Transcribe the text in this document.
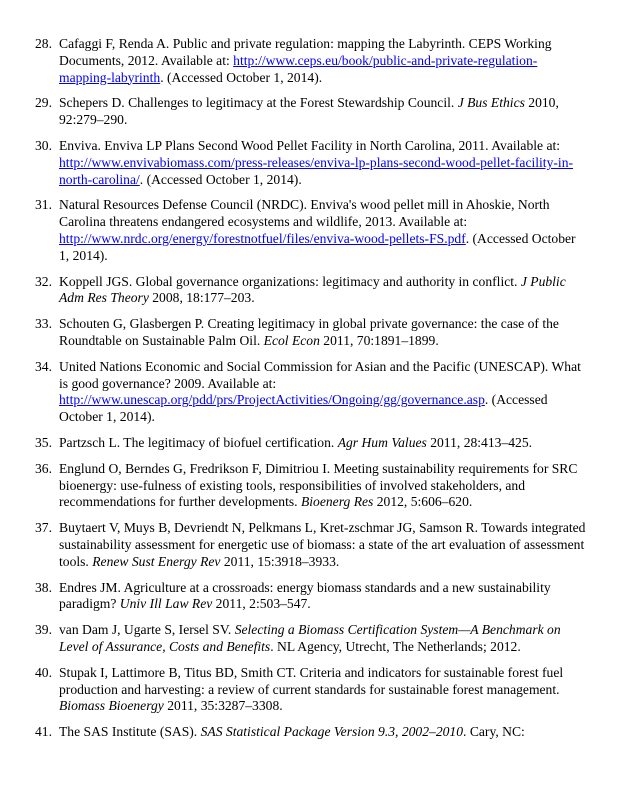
28. Cafaggi F, Renda A. Public and private regulation: mapping the Labyrinth. CEPS Working Documents, 2012. Available at: http://www.ceps.eu/book/public-and-private-regulation-mapping-labyrinth. (Accessed October 1, 2014).
29. Schepers D. Challenges to legitimacy at the Forest Stewardship Council. J Bus Ethics 2010, 92:279–290.
30. Enviva. Enviva LP Plans Second Wood Pellet Facility in North Carolina, 2011. Available at: http://www.envivabiomass.com/press-releases/enviva-lp-plans-second-wood-pellet-facility-in-north-carolina/. (Accessed October 1, 2014).
31. Natural Resources Defense Council (NRDC). Enviva's wood pellet mill in Ahoskie, North Carolina threatens endangered ecosystems and wildlife, 2013. Available at: http://www.nrdc.org/energy/forestnotfuel/files/enviva-wood-pellets-FS.pdf. (Accessed October 1, 2014).
32. Koppell JGS. Global governance organizations: legitimacy and authority in conflict. J Public Adm Res Theory 2008, 18:177–203.
33. Schouten G, Glasbergen P. Creating legitimacy in global private governance: the case of the Roundtable on Sustainable Palm Oil. Ecol Econ 2011, 70:1891–1899.
34. United Nations Economic and Social Commission for Asian and the Pacific (UNESCAP). What is good governance? 2009. Available at: http://www.unescap.org/pdd/prs/ProjectActivities/Ongoing/gg/governance.asp. (Accessed October 1, 2014).
35. Partzsch L. The legitimacy of biofuel certification. Agr Hum Values 2011, 28:413–425.
36. Englund O, Berndes G, Fredrikson F, Dimitriou I. Meeting sustainability requirements for SRC bioenergy: use-fulness of existing tools, responsibilities of involved stakeholders, and recommendations for further developments. Bioenerg Res 2012, 5:606–620.
37. Buytaert V, Muys B, Devriendt N, Pelkmans L, Kret-zschmar JG, Samson R. Towards integrated sustainability assessment for energetic use of biomass: a state of the art evaluation of assessment tools. Renew Sust Energy Rev 2011, 15:3918–3933.
38. Endres JM. Agriculture at a crossroads: energy biomass standards and a new sustainability paradigm? Univ Ill Law Rev 2011, 2:503–547.
39. van Dam J, Ugarte S, Iersel SV. Selecting a Biomass Certification System—A Benchmark on Level of Assurance, Costs and Benefits. NL Agency, Utrecht, The Netherlands; 2012.
40. Stupak I, Lattimore B, Titus BD, Smith CT. Criteria and indicators for sustainable forest fuel production and harvesting: a review of current standards for sustainable forest management. Biomass Bioenergy 2011, 35:3287–3308.
41. The SAS Institute (SAS). SAS Statistical Package Version 9.3, 2002–2010. Cary, NC:
